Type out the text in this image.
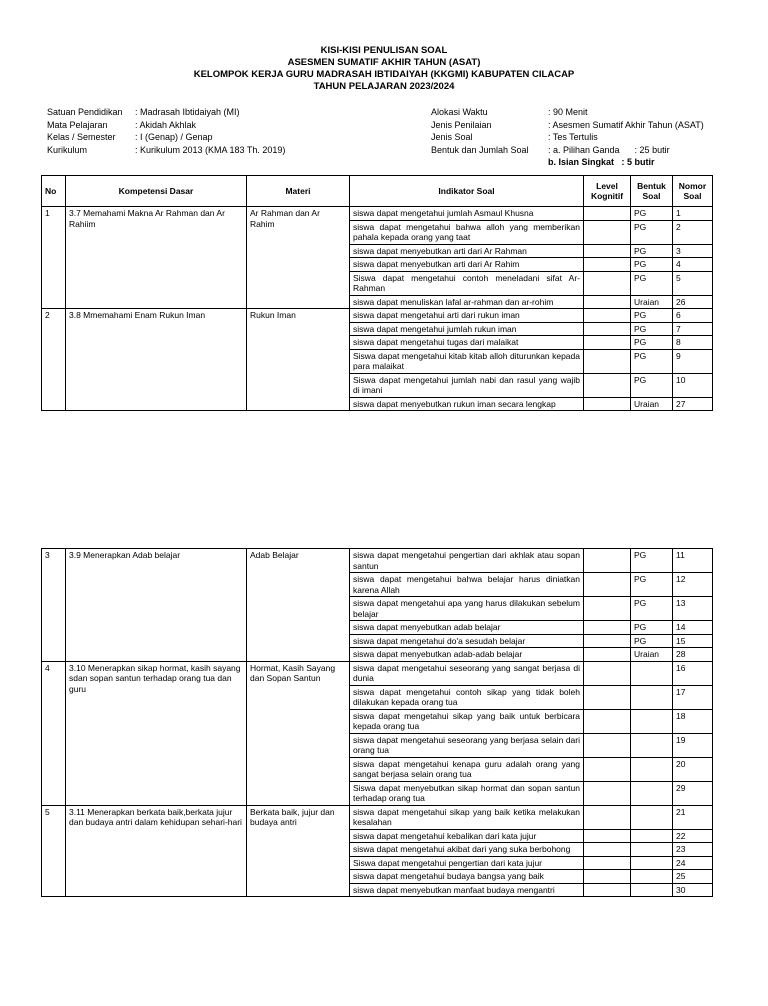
KISI-KISI PENULISAN SOAL
ASESMEN SUMATIF AKHIR TAHUN (ASAT)
KELOMPOK KERJA GURU MADRASAH IBTIDAIYAH (KKGMI) KABUPATEN CILACAP
TAHUN PELAJARAN 2023/2024
Satuan Pendidikan	: Madrasah Ibtidaiyah (MI)
Mata Pelajaran	: Akidah Akhlak
Kelas / Semester	: I (Genap) / Genap
Kurikulum	: Kurikulum 2013 (KMA 183 Th. 2019)
Alokasi Waktu	: 90 Menit
Jenis Penilaian	: Asesmen Sumatif Akhir Tahun (ASAT)
Jenis Soal	: Tes Tertulis
Bentuk dan Jumlah Soal	: a. Pilihan Ganda      : 25 butir
b. Isian Singkat   : 5 butir
No	Kompetensi Dasar	Materi	Indikator Soal	Level Kognitif	Bentuk Soal	Nomor Soal
1	3.7 Memahami Makna Ar Rahman dan Ar Rahiim	Ar Rahman dan Ar Rahim	siswa dapat mengetahui jumlah Asmaul Khusna		PG	1
			siswa dapat mengetahui bahwa alloh yang memberikan pahala kepada orang yang taat		PG	2
			siswa dapat menyebutkan arti dari Ar Rahman		PG	3
			siswa dapat menyebutkan arti dari Ar Rahim		PG	4
			Siswa dapat mengetahui contoh meneladani sifat Ar-Rahman		PG	5
			siswa dapat menuliskan lafal ar-rahman dan ar-rohim		Uraian	26
2	3.8 Mmemahami Enam Rukun Iman	Rukun Iman	siswa dapat mengetahui arti dari rukun iman		PG	6
			siswa dapat mengetahui jumlah rukun iman		PG	7
			siswa dapat mengetahui tugas dari malaikat		PG	8
			Siswa dapat mengetahui kitab kitab alloh diturunkan kepada para malaikat		PG	9
			Siswa dapat mengetahui jumlah nabi dan rasul yang wajib di imani		PG	10
			siswa dapat menyebutkan rukun iman secara lengkap		Uraian	27
3	3.9 Menerapkan Adab belajar	Adab Belajar	siswa dapat mengetahui pengertian dari akhlak atau sopan santun		PG	11
			siswa dapat mengetahui bahwa belajar harus diniatkan karena Allah		PG	12
			siswa dapat mengetahui apa yang harus dilakukan sebelum belajar		PG	13
			siswa dapat menyebutkan adab belajar		PG	14
			siswa dapat mengetahui do'a sesudah belajar		PG	15
			siswa dapat menyebutkan adab-adab belajar		Uraian	28
4	3.10 Menerapkan sikap hormat, kasih sayang sdan sopan santun terhadap orang tua dan guru	Hormat, Kasih Sayang dan Sopan Santun	siswa dapat mengetahui seseorang yang sangat berjasa di dunia			16
			siswa dapat mengetahui contoh sikap yang tidak boleh dilakukan kepada orang tua			17
			siswa dapat mengetahui sikap yang baik untuk berbicara kepada orang tua			18
			siswa dapat mengetahui seseorang yang berjasa selain dari orang tua			19
			siswa dapat mengetahui kenapa guru adalah orang yang sangat berjasa selain orang tua			20
			Siswa dapat menyebutkan sikap hormat dan sopan santun terhadap orang tua			29
5	3.11 Menerapkan berkata baik,berkata jujur dan budaya antri dalam kehidupan sehari-hari	Berkata baik, jujur dan budaya antri	siswa dapat mengetahui sikap yang baik ketika melakukan kesalahan			21
			siswa dapat mengetahui kebalikan dari kata jujur			22
			siswa dapat mengetahui akibat dari yang suka berbohong			23
			Siswa dapat mengetahui pengertian dari kata jujur			24
			siswa dapat mengetahui budaya bangsa yang baik			25
			siswa dapat menyebutkan manfaat budaya mengantri			30
